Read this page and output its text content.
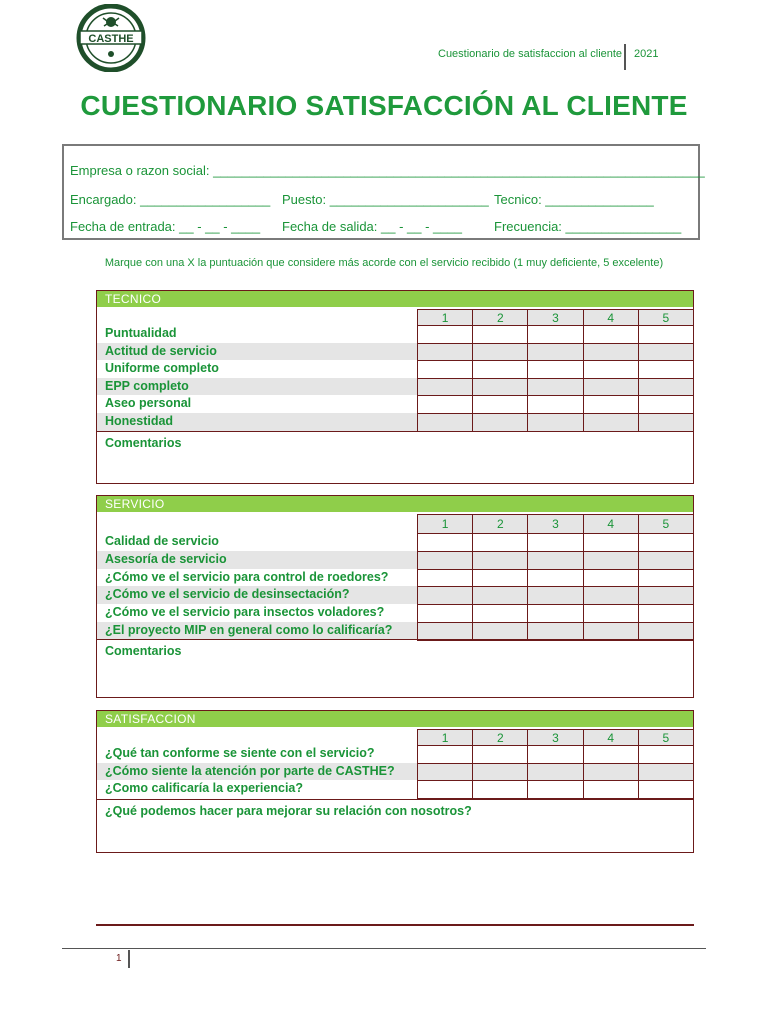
CASTHE
Cuestionario de satisfaccion al cliente 2021
CUESTIONARIO SATISFACCIÓN AL CLIENTE
Empresa o razon social: ____________________________________________________________________
Encargado: __________________ Puesto: ______________________ Tecnico: _______________
Fecha de entrada: __ - __ - ____ Fecha de salida: __ - __ - ____ Frecuencia: ________________
Marque con una X la puntuación que considere más acorde con el servicio recibido (1 muy deficiente, 5 excelente)
TECNICO
1	2	3	4	5
Puntualidad
Actitud de servicio
Uniforme completo
EPP completo
Aseo personal
Honestidad
Comentarios
SERVICIO
1	2	3	4	5
Calidad de servicio
Asesoría de servicio
¿Cómo ve el servicio para control de roedores?
¿Cómo ve el servicio de desinsectación?
¿Cómo ve el servicio para insectos voladores?
¿El proyecto MIP en general como lo calificaría?
Comentarios
SATISFACCION
1	2	3	4	5
¿Qué tan conforme se siente con el servicio?
¿Cómo siente la atención por parte de CASTHE?
¿Como calificaría la experiencia?
¿Qué podemos hacer para mejorar su relación con nosotros?
1
